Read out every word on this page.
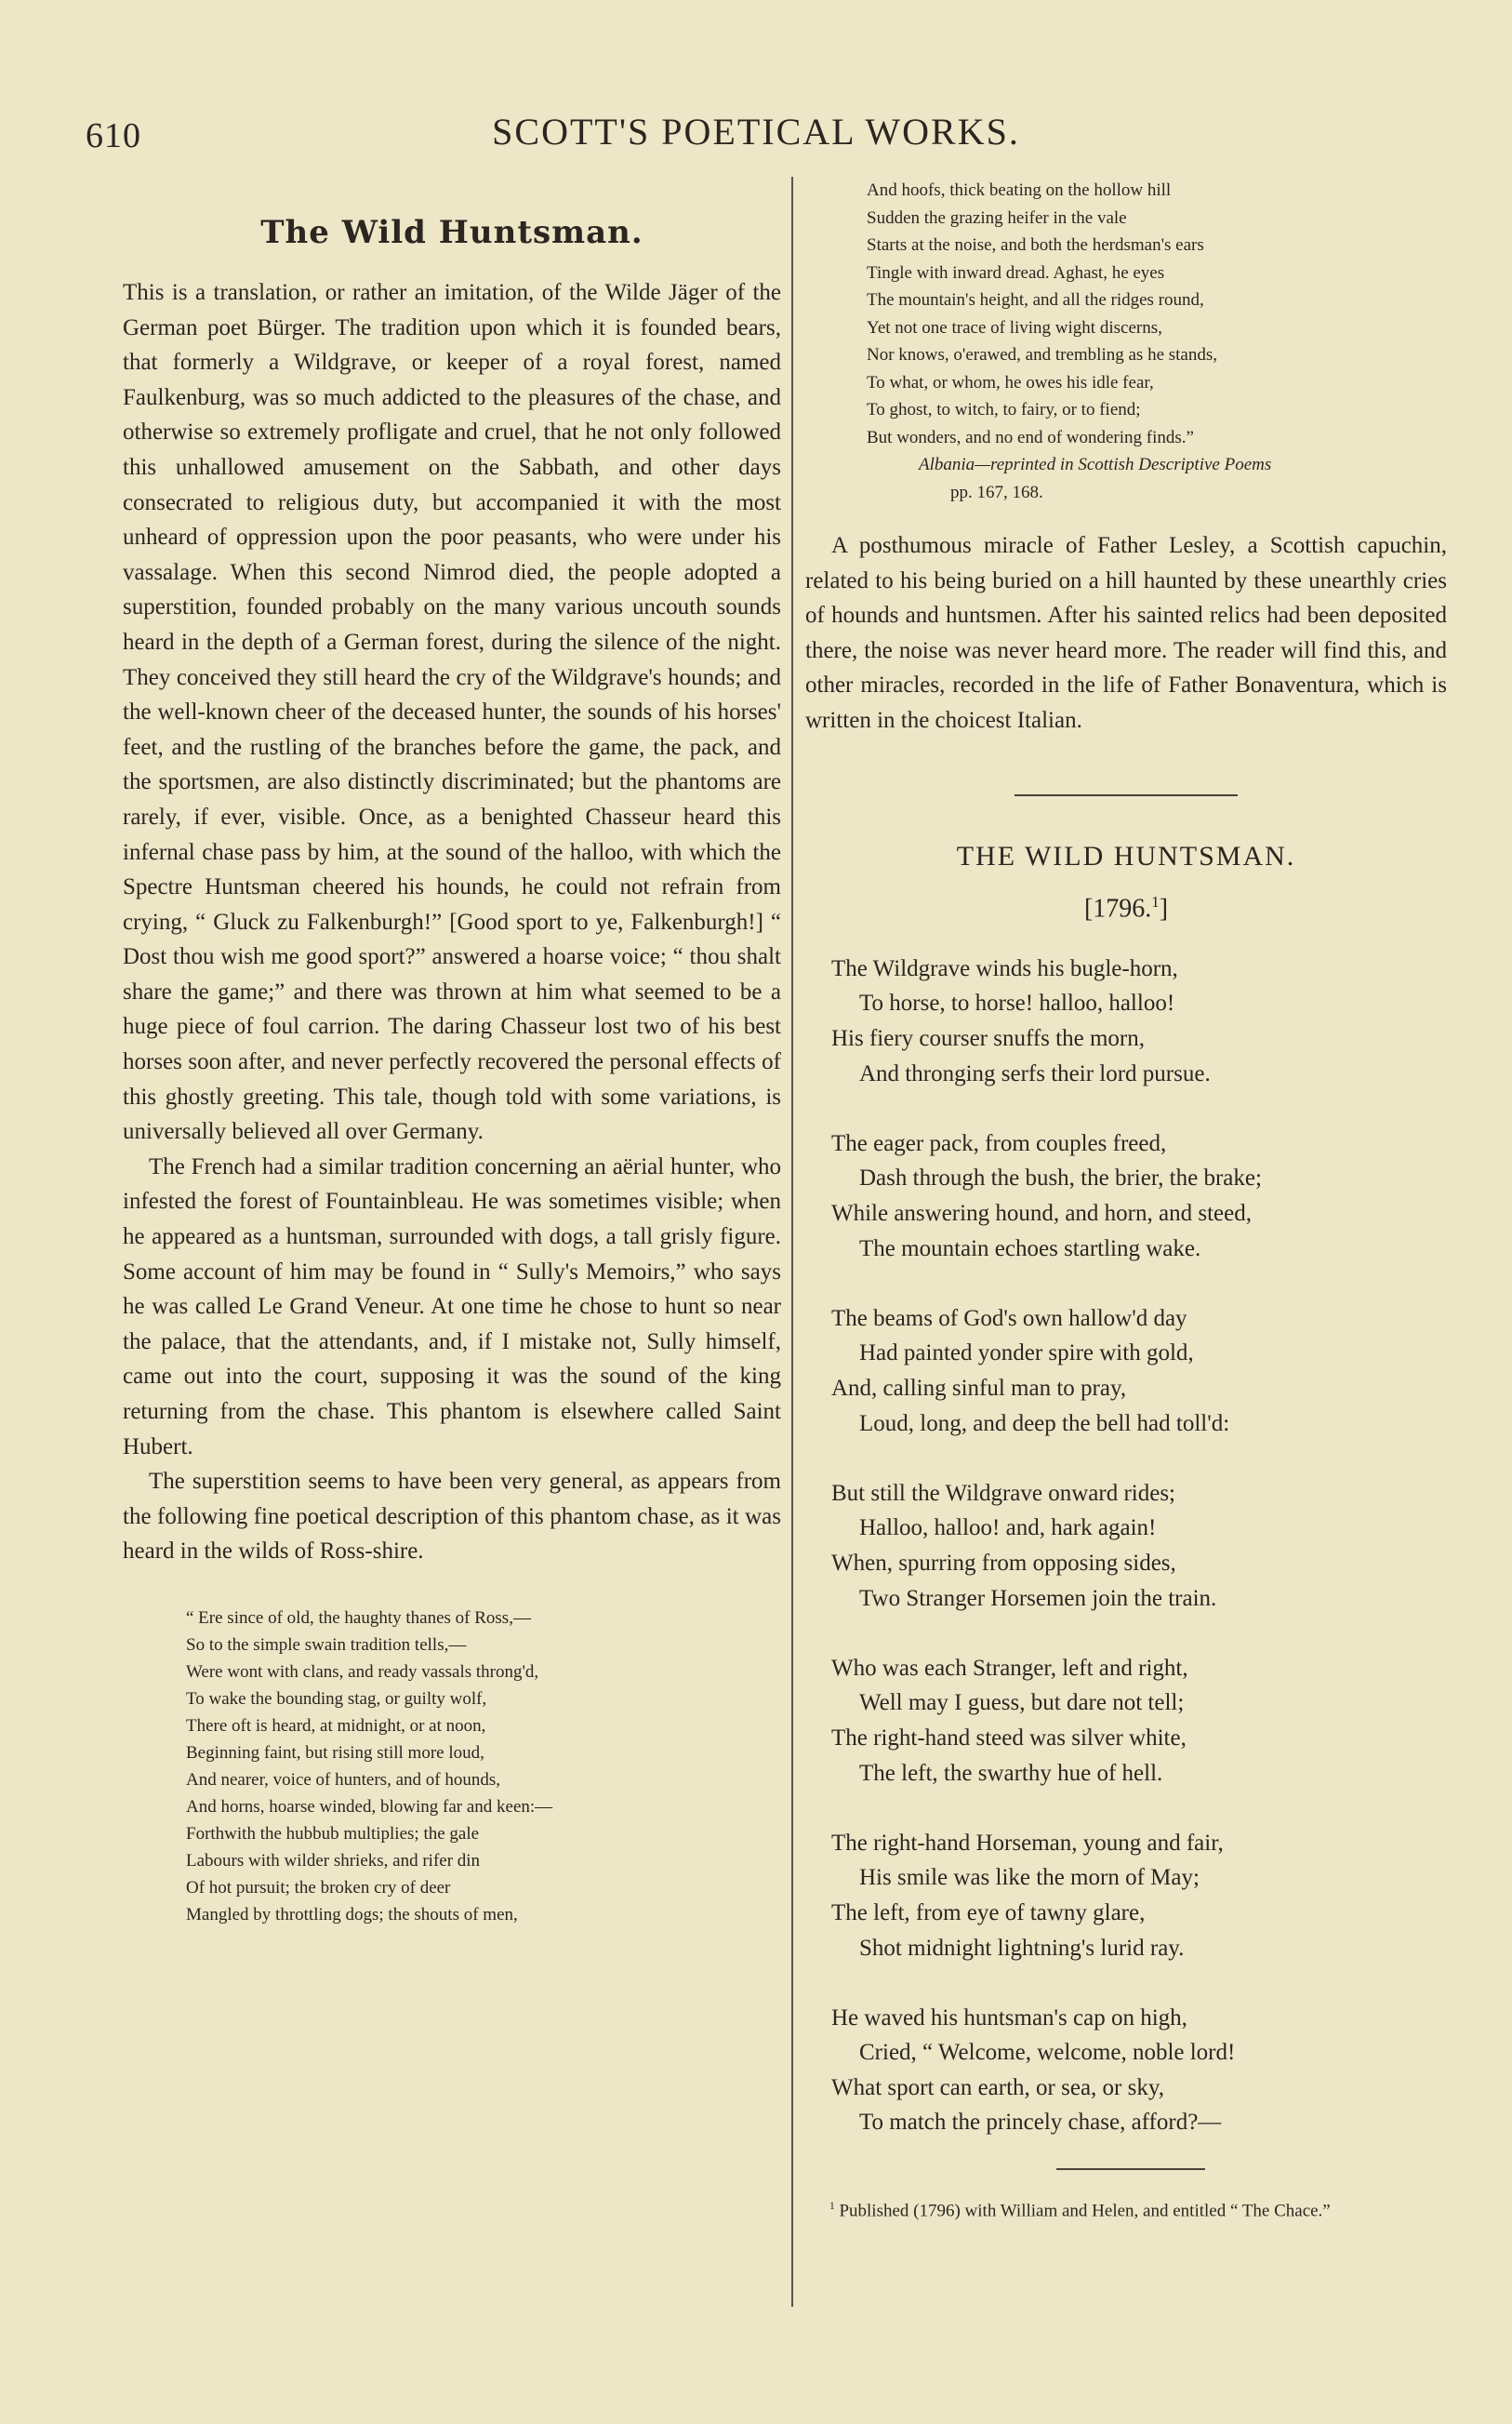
610	SCOTT'S POETICAL WORKS.
The Wild Huntsman.

This is a translation, or rather an imitation, of the Wilde Jäger of the German poet Bürger. The tradition upon which it is founded bears, that formerly a Wildgrave, or keeper of a royal forest, named Faulkenburg, was so much addicted to the pleasures of the chase, and otherwise so extremely profligate and cruel, that he not only followed this unhallowed amusement on the Sabbath, and other days consecrated to religious duty, but accompanied it with the most unheard of oppression upon the poor peasants, who were under his vassalage. When this second Nimrod died, the people adopted a superstition, founded probably on the many various uncouth sounds heard in the depth of a German forest, during the silence of the night. They conceived they still heard the cry of the Wildgrave's hounds; and the well-known cheer of the deceased hunter, the sounds of his horses' feet, and the rustling of the branches before the game, the pack, and the sportsmen, are also distinctly discriminated; but the phantoms are rarely, if ever, visible. Once, as a benighted Chasseur heard this infernal chase pass by him, at the sound of the halloo, with which the Spectre Huntsman cheered his hounds, he could not refrain from crying, “ Gluck zu Falkenburgh!” [Good sport to ye, Falkenburgh!] “ Dost thou wish me good sport?” answered a hoarse voice; “ thou shalt share the game;” and there was thrown at him what seemed to be a huge piece of foul carrion. The daring Chasseur lost two of his best horses soon after, and never perfectly recovered the personal effects of this ghostly greeting. This tale, though told with some variations, is universally believed all over Germany.

The French had a similar tradition concerning an aërial hunter, who infested the forest of Fountainbleau. He was sometimes visible; when he appeared as a huntsman, surrounded with dogs, a tall grisly figure. Some account of him may be found in “ Sully's Memoirs,” who says he was called Le Grand Veneur. At one time he chose to hunt so near the palace, that the attendants, and, if I mistake not, Sully himself, came out into the court, supposing it was the sound of the king returning from the chase. This phantom is elsewhere called Saint Hubert.

The superstition seems to have been very general, as appears from the following fine poetical description of this phantom chase, as it was heard in the wilds of Ross-shire.

“ Ere since of old, the haughty thanes of Ross,—
So to the simple swain tradition tells,—
Were wont with clans, and ready vassals throng'd,
To wake the bounding stag, or guilty wolf,
There oft is heard, at midnight, or at noon,
Beginning faint, but rising still more loud,
And nearer, voice of hunters, and of hounds,
And horns, hoarse winded, blowing far and keen:—
Forthwith the hubbub multiplies; the gale
Labours with wilder shrieks, and rifer din
Of hot pursuit; the broken cry of deer
Mangled by throttling dogs; the shouts of men,
And hoofs, thick beating on the hollow hill
Sudden the grazing heifer in the vale
Starts at the noise, and both the herdsman's ears
Tingle with inward dread. Aghast, he eyes
The mountain's height, and all the ridges round,
Yet not one trace of living wight discerns,
Nor knows, o'erawed, and trembling as he stands,
To what, or whom, he owes his idle fear,
To ghost, to witch, to fairy, or to fiend;
But wonders, and no end of wondering finds.”
Albania—reprinted in Scottish Descriptive Poems
pp. 167, 168.

A posthumous miracle of Father Lesley, a Scottish capuchin, related to his being buried on a hill haunted by these unearthly cries of hounds and huntsmen. After his sainted relics had been deposited there, the noise was never heard more. The reader will find this, and other miracles, recorded in the life of Father Bonaventura, which is written in the choicest Italian.

THE WILD HUNTSMAN.
[1796.$^1$]
The Wildgrave winds his bugle-horn,
To horse, to horse! halloo, halloo!
His fiery courser snuffs the morn,
And thronging serfs their lord pursue.
The eager pack, from couples freed,
Dash through the bush, the brier, the brake;
While answering hound, and horn, and steed,
The mountain echoes startling wake.
The beams of God's own hallow'd day
Had painted yonder spire with gold,
And, calling sinful man to pray,
Loud, long, and deep the bell had toll'd:
But still the Wildgrave onward rides;
Halloo, halloo! and, hark again!
When, spurring from opposing sides,
Two Stranger Horsemen join the train.
Who was each Stranger, left and right,
Well may I guess, but dare not tell;
The right-hand steed was silver white,
The left, the swarthy hue of hell.
The right-hand Horseman, young and fair,
His smile was like the morn of May;
The left, from eye of tawny glare,
Shot midnight lightning's lurid ray.
He waved his huntsman's cap on high,
Cried, “ Welcome, welcome, noble lord!
What sport can earth, or sea, or sky,
To match the princely chase, afford?—
$^1$ Published (1796) with William and Helen, and entitled “ The Chace.”
